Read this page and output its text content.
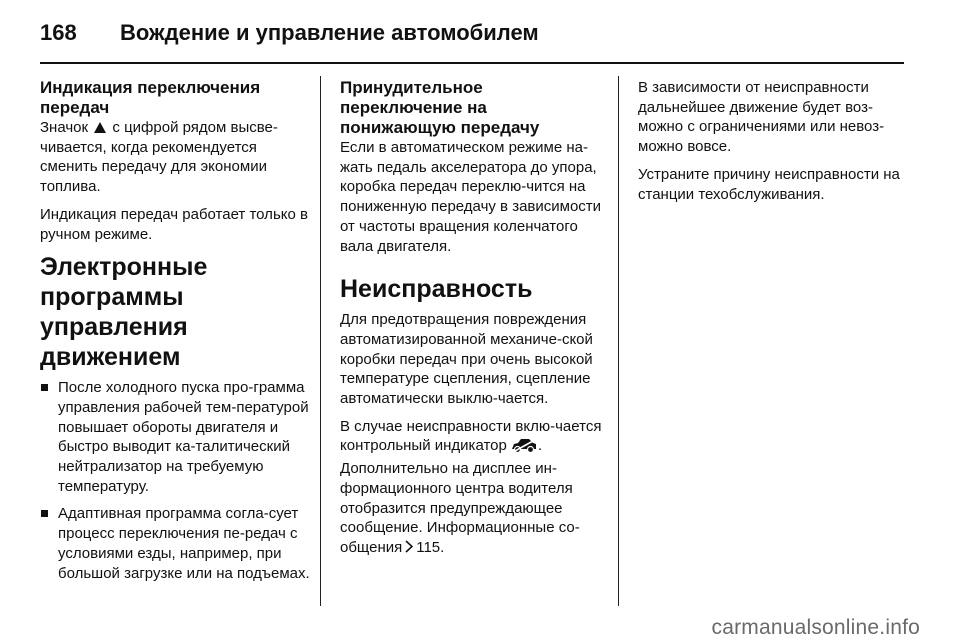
168 Вождение и управление автомобилем
Индикация переключения передач

Значок с цифрой рядом высве-чивается, когда рекомендуется сменить передачу для экономии топлива.

Индикация передач работает только в ручном режиме.

Электронные программы управления движением
После холодного пуска про-грамма управления рабочей тем-пературой повышает обороты двигателя и быстро выводит ка-талитический нейтрализатор на требуемую температуру.
Адаптивная программа согла-сует процесс переключения пе-редач с условиями езды, например, при большой загрузке или на подъемах.
Принудительное переключение на понижающую передачу

Если в автоматическом режиме на-жать педаль акселератора до упора, коробка передач переклю-чится на пониженную передачу в зависимости от частоты вращения коленчатого вала двигателя.

Неисправность

Для предотвращения повреждения автоматизированной механиче-ской коробки передач при очень высокой температуре сцепления, сцепление автоматически выклю-чается.

В случае неисправности вклю-чается контрольный индикатор . Дополнительно на дисплее ин-формационного центра водителя отобразится предупреждающее сообщение. Информационные со-общения 115.

В зависимости от неисправности дальнейшее движение будет воз-можно с ограничениями или невоз-можно вовсе.

Устраните причину неисправности на станции техобслуживания.

carmanualsonline.info
